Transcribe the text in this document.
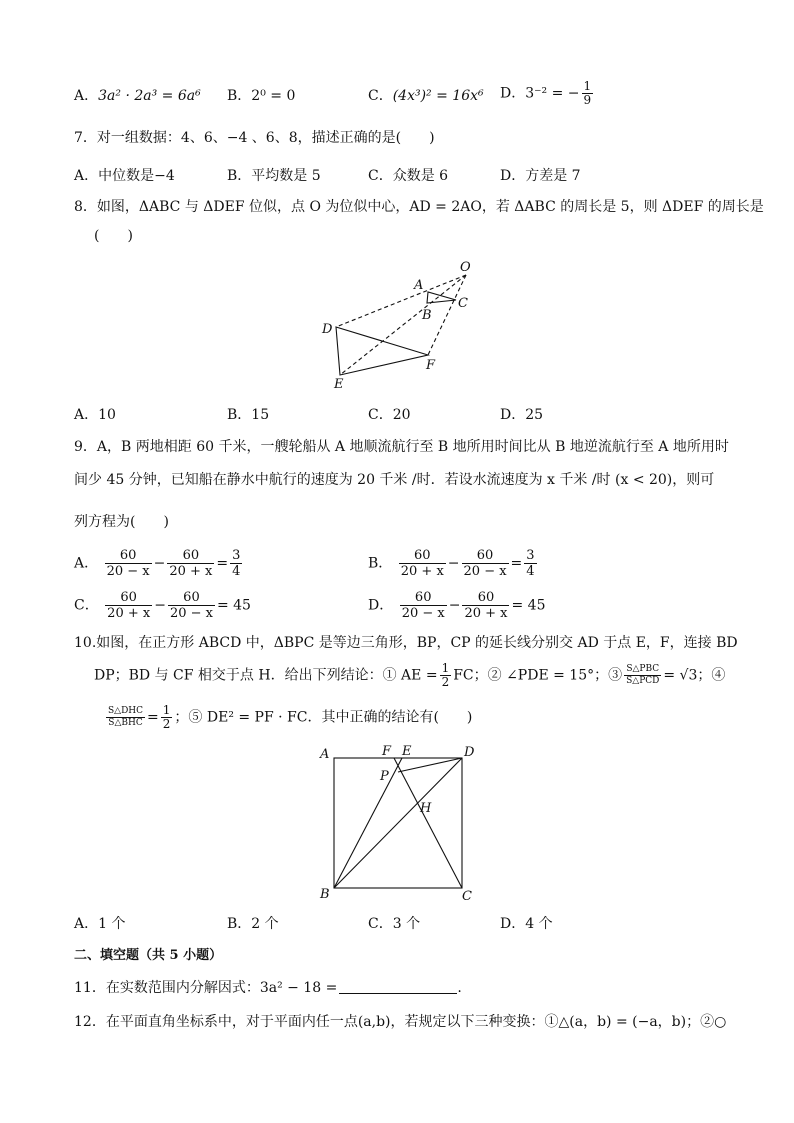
A．3a² · 2a³ = 6a⁶ B．2⁰ = 0	C．(4x³)² = 16x⁶ D．3⁻² = − $\frac{1}{9}$
7．对一组数据：4、6、−4 、6、8，描述正确的是(　　)
A．中位数是−4	B．平均数是 5	C．众数是 6	D．方差是 7
8．如图，ΔABC 与 ΔDEF 位似，点 O 为位似中心，AD = 2AO，若 ΔABC 的周长是 5，则 ΔDEF 的周长是
(　　)
O
A
B
C
D
E
F
A．10	B．15	C．20	D．25
9．A，B 两地相距 60 千米，一艘轮船从 A 地顺流航行至 B 地所用时间比从 B 地逆流航行至 A 地所用时
间少 45 分钟，已知船在静水中航行的速度为 20 千米 /时．若设水流速度为 x 千米 /时 (x < 20)，则可
列方程为(　　)
A． $\frac{60}{20 - x} - \frac{60}{20 + x} = \frac{3}{4}$	B． $\frac{60}{20 + x} - \frac{60}{20 - x} = \frac{3}{4}$
C． $\frac{60}{20 + x} - \frac{60}{20 - x} = 45$	D． $\frac{60}{20 - x} - \frac{60}{20 + x} = 45$
10.如图，在正方形 ABCD 中，ΔBPC 是等边三角形，BP，CP 的延长线分别交 AD 于点 E，F，连接 BD
DP；BD 与 CF 相交于点 H．给出下列结论：① AE = $\frac{1}{2}$ FC；② ∠PDE = 15°；③ $\frac{\text{S△PBC}}{\text{S△PCD}} = √3$；④
$\frac{\text{S△DHC}}{\text{S△BHC}} = \frac{1}{2}$ ；⑤ DE² = PF · FC．其中正确的结论有(　　)
A	F E	D
P
H
B	C
A．1 个	B．2 个	C．3 个	D．4 个
二、填空题（共 5 小题）
11．在实数范围内分解因式：3a² − 18 =	.
12．在平面直角坐标系中，对于平面内任一点(a,b)，若规定以下三种变换：①△(a，b) = (−a，b)；②○
